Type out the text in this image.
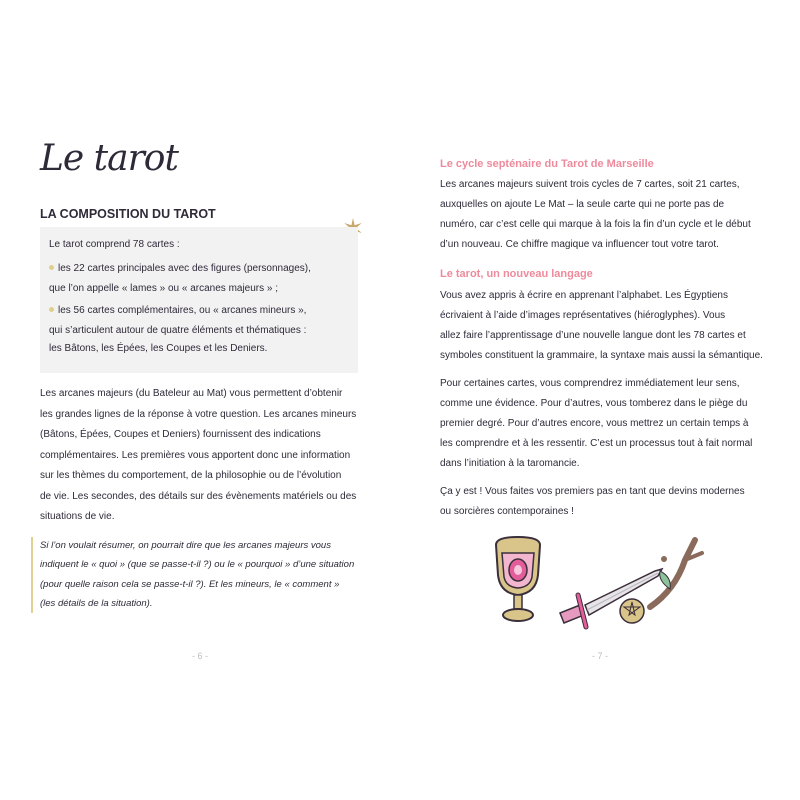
Le tarot
LA COMPOSITION DU TAROT

Le tarot comprend 78 cartes :

les 22 cartes principales avec des figures (personnages),

que l’on appelle « lames » ou « arcanes majeurs » ;

les 56 cartes complémentaires, ou « arcanes mineurs »,

qui s’articulent autour de quatre éléments et thématiques :

les Bâtons, les Épées, les Coupes et les Deniers.

Les arcanes majeurs (du Bateleur au Mat) vous permettent d’obtenir

les grandes lignes de la réponse à votre question. Les arcanes mineurs

(Bâtons, Épées, Coupes et Deniers) fournissent des indications

complémentaires. Les premières vous apportent donc une information

sur les thèmes du comportement, de la philosophie ou de l’évolution

de vie. Les secondes, des détails sur des évènements matériels ou des

situations de vie.

Si l’on voulait résumer, on pourrait dire que les arcanes majeurs vous

indiquent le « quoi » (que se passe-t-il ?) ou le « pourquoi » d’une situation

(pour quelle raison cela se passe-t-il ?). Et les mineurs, le « comment »

(les détails de la situation).

- 6 -

Le cycle septénaire du Tarot de Marseille

Les arcanes majeurs suivent trois cycles de 7 cartes, soit 21 cartes,

auxquelles on ajoute Le Mat – la seule carte qui ne porte pas de

numéro, car c’est celle qui marque à la fois la fin d’un cycle et le début

d’un nouveau. Ce chiffre magique va influencer tout votre tarot.

Le tarot, un nouveau langage

Vous avez appris à écrire en apprenant l’alphabet. Les Égyptiens

écrivaient à l’aide d’images représentatives (hiéroglyphes). Vous

allez faire l’apprentissage d’une nouvelle langue dont les 78 cartes et

symboles constituent la grammaire, la syntaxe mais aussi la sémantique.

Pour certaines cartes, vous comprendrez immédiatement leur sens,

comme une évidence. Pour d’autres, vous tomberez dans le piège du

premier degré. Pour d’autres encore, vous mettrez un certain temps à

les comprendre et à les ressentir. C’est un processus tout à fait normal

dans l’initiation à la taromancie.

Ça y est ! Vous faites vos premiers pas en tant que devins modernes

ou sorcières contemporaines !

- 7 -
